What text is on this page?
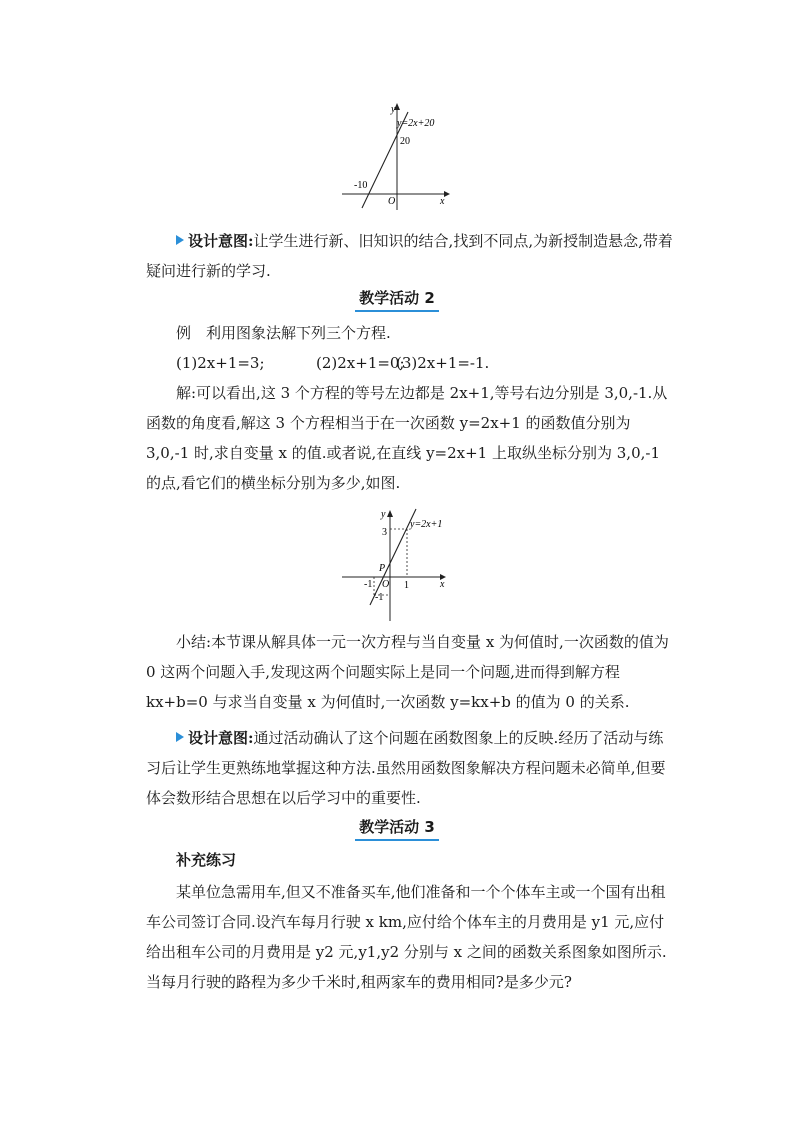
y
x
y=2x+20
20
-10
O

设计意图:让学生进行新、旧知识的结合,找到不同点,为新授制造悬念,带着疑问进行新的学习.

教学活动 2

例　利用图象法解下列三个方程.

(1)2x+1=3;	(2)2x+1=0;(3)2x+1=-1.

解:可以看出,这 3 个方程的等号左边都是 2x+1,等号右边分别是 3,0,-1.从函数的角度看,解这 3 个方程相当于在一次函数 y=2x+1 的函数值分别为 3,0,-1 时,求自变量 x 的值.或者说,在直线 y=2x+1 上取纵坐标分别为 3,0,-1 的点,看它们的横坐标分别为多少,如图.

y
x
y=2x+1
3
1
P
-1 O
-1

小结:本节课从解具体一元一次方程与当自变量 x 为何值时,一次函数的值为 0 这两个问题入手,发现这两个问题实际上是同一个问题,进而得到解方程 kx+b=0 与求当自变量 x 为何值时,一次函数 y=kx+b 的值为 0 的关系.

设计意图:通过活动确认了这个问题在函数图象上的反映.经历了活动与练习后让学生更熟练地掌握这种方法.虽然用函数图象解决方程问题未必简单,但要体会数形结合思想在以后学习中的重要性.

教学活动 3

补充练习

某单位急需用车,但又不准备买车,他们准备和一个个体车主或一个国有出租车公司签订合同.设汽车每月行驶 x km,应付给个体车主的月费用是 y1 元,应付给出租车公司的月费用是 y2 元,y1,y2 分别与 x 之间的函数关系图象如图所示.当每月行驶的路程为多少千米时,租两家车的费用相同?是多少元?
